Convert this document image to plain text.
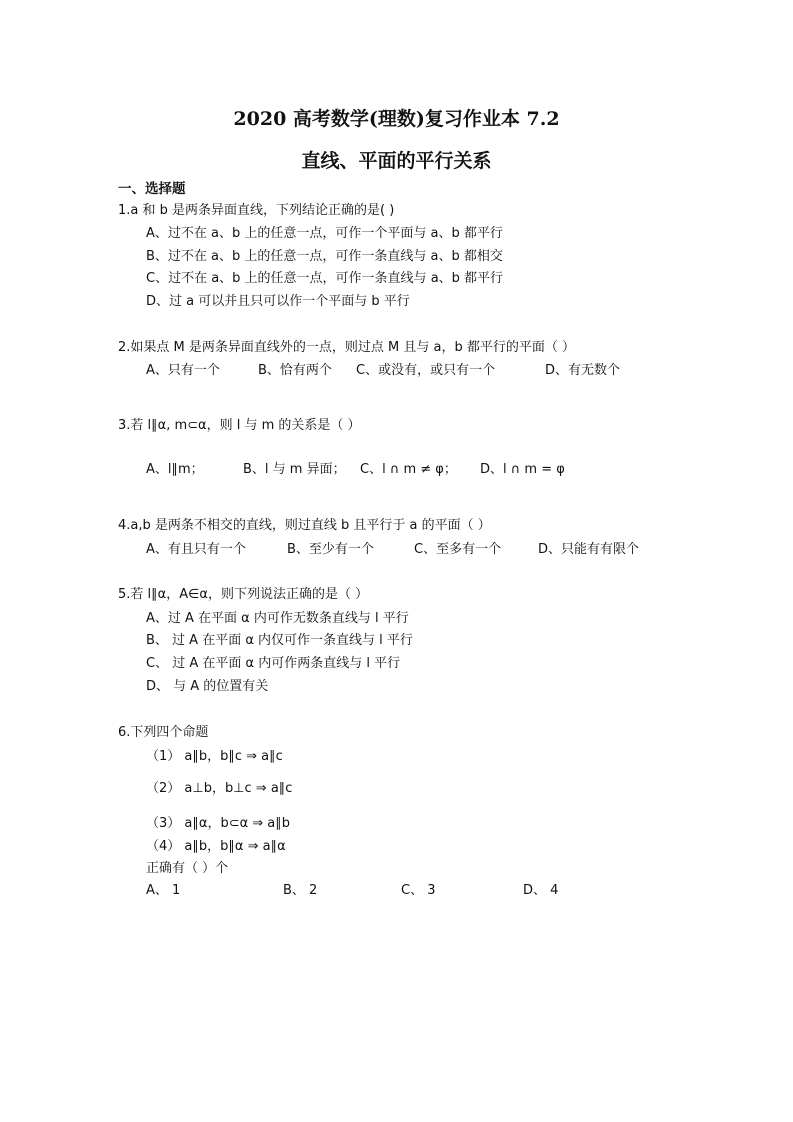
2020 高考数学(理数)复习作业本 7.2
直线、平面的平行关系
一、选择题
1.a 和 b 是两条异面直线，下列结论正确的是( )
A、过不在 a、b 上的任意一点，可作一个平面与 a、b 都平行
B、过不在 a、b 上的任意一点，可作一条直线与 a、b 都相交
C、过不在 a、b 上的任意一点，可作一条直线与 a、b 都平行
D、过 a 可以并且只可以作一个平面与 b 平行
2.如果点 M 是两条异面直线外的一点，则过点 M 且与 a，b 都平行的平面（ ）
A、只有一个	B、恰有两个 C、或没有，或只有一个	D、有无数个
3.若 l∥α, m⊂α，则 l 与 m 的关系是（ ）
A、l∥m；	B、l 与 m 异面； C、l ∩ m ≠ φ； D、l ∩ m = φ
4.a,b 是两条不相交的直线，则过直线 b 且平行于 a 的平面（ ）
A、有且只有一个	B、至少有一个	C、至多有一个	D、只能有有限个
5.若 l∥α，A∈α，则下列说法正确的是（ ）
A、过 A 在平面 α 内可作无数条直线与 l 平行
B、 过 A 在平面 α 内仅可作一条直线与 l 平行
C、 过 A 在平面 α 内可作两条直线与 l 平行
D、 与 A 的位置有关
6.下列四个命题
（1） a∥b，b∥c ⇒ a∥c
（2） a⊥b，b⊥c ⇒ a∥c
（3） a∥α，b⊂α ⇒ a∥b
（4） a∥b，b∥α ⇒ a∥α
正确有（ ）个
A、 1	B、 2	C、 3	D、 4
